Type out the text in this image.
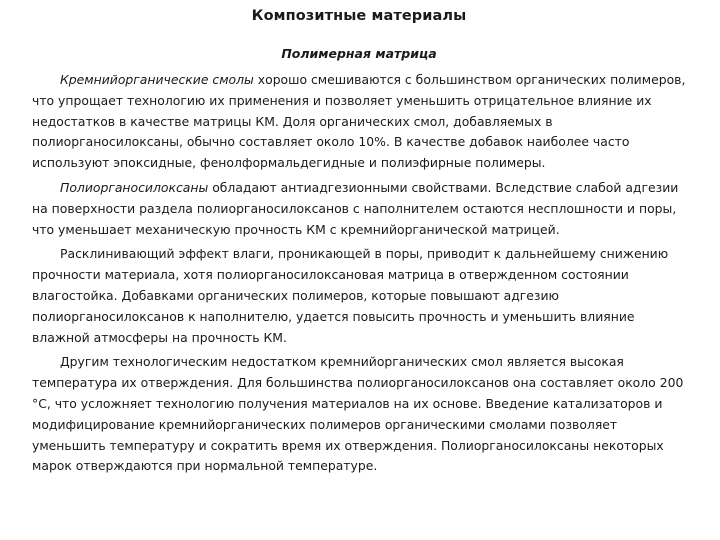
Композитные материалы
Полимерная матрица

Кремнийорганические смолы хорошо смешиваются с большинством органических полимеров, что упрощает технологию их применения и позволяет уменьшить отрицательное влияние их недостатков в качестве матрицы КМ. Доля органических смол, добавляемых в полиорганосилоксаны, обычно составляет около 10%. В качестве добавок наиболее часто используют эпоксидные, фенолформальдегидные и полиэфирные полимеры.

Полиорганосилоксаны обладают антиадгезионными свойствами. Вследствие слабой адгезии на поверхности раздела полиорганосилоксанов с наполнителем остаются несплошности и поры, что уменьшает механическую прочность КМ с кремнийорганической матрицей.

Расклинивающий эффект влаги, проникающей в поры, приводит к дальнейшему снижению прочности материала, хотя полиорганосилоксановая матрица в отвержденном состоянии влагостойка. Добавками органических полимеров, которые повышают адгезию полиорганосилоксанов к наполнителю, удается повысить прочность и уменьшить влияние влажной атмосферы на прочность КМ.

Другим технологическим недостатком кремнийорганических смол является высокая температура их отверждения. Для большинства полиорганосилоксанов она составляет около 200 °С, что усложняет технологию получения материалов на их основе. Введение катализаторов и модифицирование кремнийорганических полимеров органическими смолами позволяет уменьшить температуру и сократить время их отверждения. Полиорганосилоксаны некоторых марок отверждаются при нормальной температуре.
